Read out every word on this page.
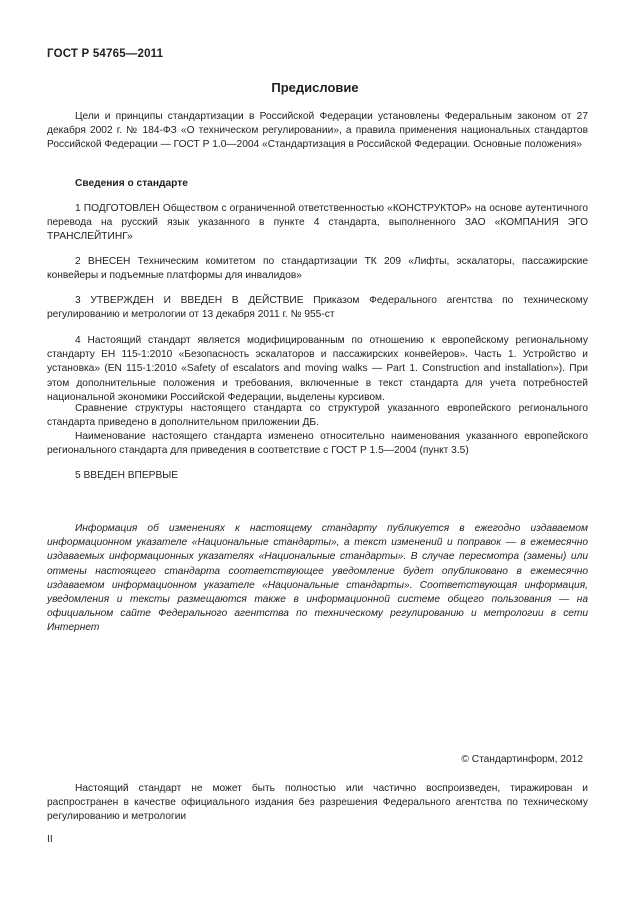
ГОСТ Р 54765—2011
Предисловие

Цели и принципы стандартизации в Российской Федерации установлены Федеральным законом от 27 декабря 2002 г. № 184-ФЗ «О техническом регулировании», а правила применения национальных стандартов Российской Федерации — ГОСТ Р 1.0—2004 «Стандартизация в Российской Федерации. Основные положения»

Сведения о стандарте

1 ПОДГОТОВЛЕН Обществом с ограниченной ответственностью «КОНСТРУКТОР» на основе аутентичного перевода на русский язык указанного в пункте 4 стандарта, выполненного ЗАО «КОМПАНИЯ ЭГО ТРАНСЛЕЙТИНГ»

2 ВНЕСЕН Техническим комитетом по стандартизации ТК 209 «Лифты, эскалаторы, пассажирские конвейеры и подъемные платформы для инвалидов»

3 УТВЕРЖДЕН И ВВЕДЕН В ДЕЙСТВИЕ Приказом Федерального агентства по техническому регулированию и метрологии от 13 декабря 2011 г. № 955-ст

4 Настоящий стандарт является модифицированным по отношению к европейскому региональному стандарту ЕН 115-1:2010 «Безопасность эскалаторов и пассажирских конвейеров». Часть 1. Устройство и установка» (EN 115-1:2010 «Safety of escalators and moving walks — Part 1. Construction and installation»). При этом дополнительные положения и требования, включенные в текст стандарта для учета потребностей национальной экономики Российской Федерации, выделены курсивом.

Сравнение структуры настоящего стандарта со структурой указанного европейского регионального стандарта приведено в дополнительном приложении ДБ.

Наименование настоящего стандарта изменено относительно наименования указанного европейского регионального стандарта для приведения в соответствие с ГОСТ Р 1.5—2004 (пункт 3.5)

5 ВВЕДЕН ВПЕРВЫЕ

Информация об изменениях к настоящему стандарту публикуется в ежегодно издаваемом информационном указателе «Национальные стандарты», а текст изменений и поправок — в ежемесячно издаваемых информационных указателях «Национальные стандарты». В случае пересмотра (замены) или отмены настоящего стандарта соответствующее уведомление будет опубликовано в ежемесячно издаваемом информационном указателе «Национальные стандарты». Соответствующая информация, уведомления и тексты размещаются также в информационной системе общего пользования — на официальном сайте Федерального агентства по техническому регулированию и метрологии в сети Интернет

© Стандартинформ, 2012

Настоящий стандарт не может быть полностью или частично воспроизведен, тиражирован и распространен в качестве официального издания без разрешения Федерального агентства по техническому регулированию и метрологии

II
